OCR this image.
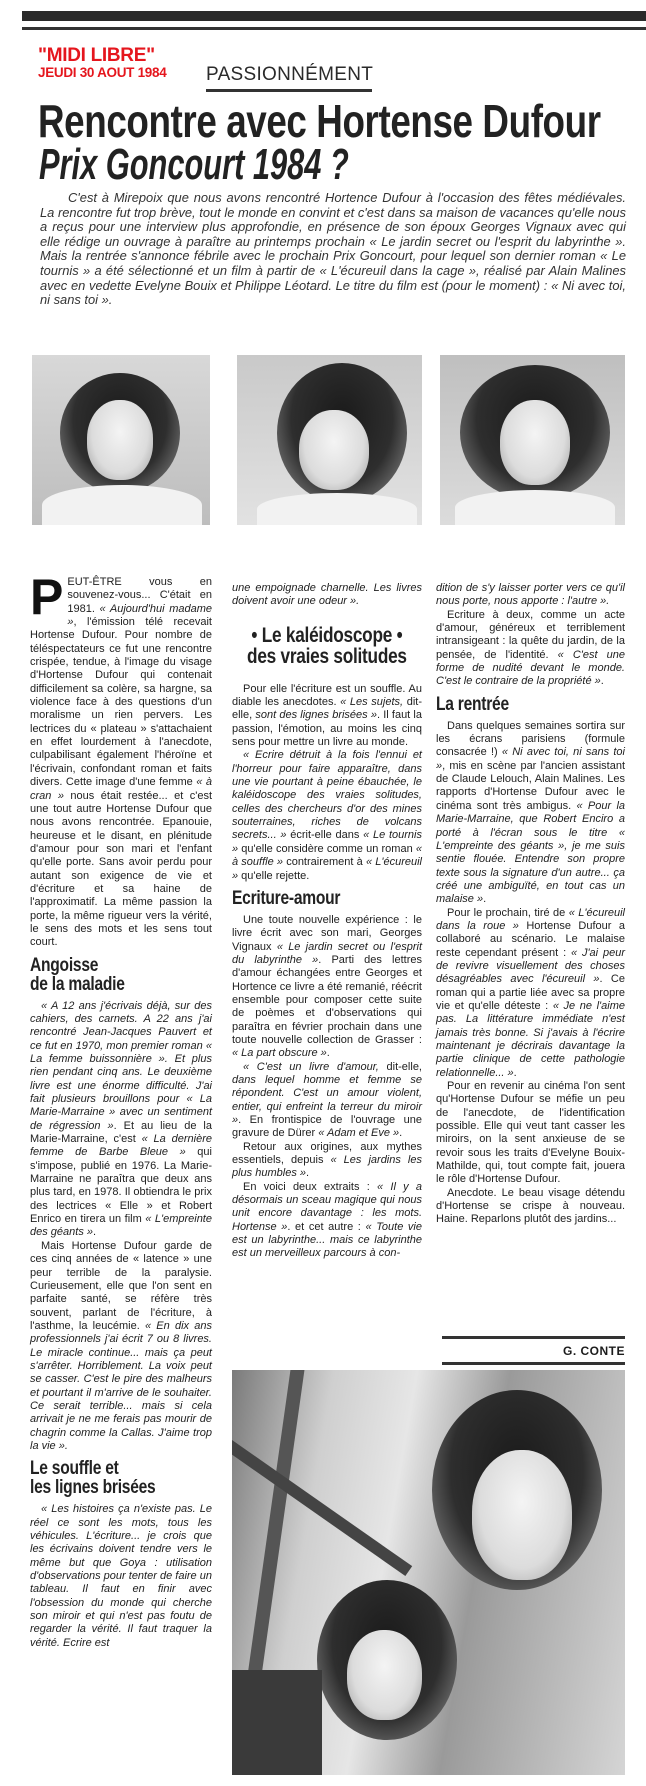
"MIDI LIBRE"
JEUDI 30 AOUT 1984 PASSIONNÉMENT
Rencontre avec Hortense Dufour
Prix Goncourt 1984 ?
C'est à Mirepoix que nous avons rencontré Hortence Dufour à l'occasion des fêtes médiévales. La rencontre fut trop brève, tout le monde en convint et c'est dans sa maison de vacances qu'elle nous a reçus pour une interview plus approfondie, en présence de son époux Georges Vignaux avec qui elle rédige un ouvrage à paraître au printemps prochain « Le jardin secret ou l'esprit du labyrinthe ». Mais la rentrée s'annonce fébrile avec le prochain Prix Goncourt, pour lequel son dernier roman « Le tournis » a été sélectionné et un film à partir de « L'écureuil dans la cage », réalisé par Alain Malines avec en vedette Evelyne Bouix et Philippe Léotard. Le titre du film est (pour le moment) : « Ni avec toi, ni sans toi ».

PEUT-ÊTRE vous en souvenez-vous... C'était en 1981. « Aujourd'hui madame », l'émission télé recevait Hortense Dufour. Pour nombre de téléspectateurs ce fut une rencontre crispée, tendue, à l'image du visage d'Hortense Dufour qui contenait difficilement sa colère, sa hargne, sa violence face à des questions d'un moralisme un rien pervers. Les lectrices du « plateau » s'attachaient en effet lourdement à l'anecdote, culpabilisant également l'héroïne et l'écrivain, confondant roman et faits divers. Cette image d'une femme « à cran » nous était restée... et c'est une tout autre Hortense Dufour que nous avons rencontrée. Epanouie, heureuse et le disant, en plénitude d'amour pour son mari et l'enfant qu'elle porte. Sans avoir perdu pour autant son exigence de vie et d'écriture et sa haine de l'approximatif. La même passion la porte, la même rigueur vers la vérité, le sens des mots et les sens tout court.

Angoisse
de la maladie

« A 12 ans j'écrivais déjà, sur des cahiers, des carnets. A 22 ans j'ai rencontré Jean-Jacques Pauvert et ce fut en 1970, mon premier roman « La femme buissonnière ». Et plus rien pendant cinq ans. Le deuxième livre est une énorme difficulté. J'ai fait plusieurs brouillons pour « La Marie-Marraine » avec un sentiment de régression ». Et au lieu de la Marie-Marraine, c'est « La dernière femme de Barbe Bleue » qui s'impose, publié en 1976. La Marie-Marraine ne paraîtra que deux ans plus tard, en 1978. Il obtiendra le prix des lectrices « Elle » et Robert Enrico en tirera un film « L'empreinte des géants ».

Mais Hortense Dufour garde de ces cinq années de « latence » une peur terrible de la paralysie. Curieusement, elle que l'on sent en parfaite santé, se réfère très souvent, parlant de l'écriture, à l'asthme, la leucémie. « En dix ans professionnels j'ai écrit 7 ou 8 livres. Le miracle continue... mais ça peut s'arrêter. Horriblement. La voix peut se casser. C'est le pire des malheurs et pourtant il m'arrive de le souhaiter. Ce serait terrible... mais si cela arrivait je ne me ferais pas mourir de chagrin comme la Callas. J'aime trop la vie ».

Le souffle et
les lignes brisées

« Les histoires ça n'existe pas. Le réel ce sont les mots, tous les véhicules. L'écriture... je crois que les écrivains doivent tendre vers le même but que Goya : utilisation d'observations pour tenter de faire un tableau. Il faut en finir avec l'obsession du monde qui cherche son miroir et qui n'est pas foutu de regarder la vérité. Il faut traquer la vérité. Ecrire est

une empoignade charnelle. Les livres doivent avoir une odeur ».

• Le kaléidoscope •
des vraies solitudes

Pour elle l'écriture est un souffle. Au diable les anecdotes. « Les sujets, dit-elle, sont des lignes brisées ». Il faut la passion, l'émotion, au moins les cinq sens pour mettre un livre au monde.

« Ecrire détruit à la fois l'ennui et l'horreur pour faire apparaître, dans une vie pourtant à peine ébauchée, le kaléidoscope des vraies solitudes, celles des chercheurs d'or des mines souterraines, riches de volcans secrets... » écrit-elle dans « Le tournis » qu'elle considère comme un roman « à souffle » contrairement à « L'écureuil » qu'elle rejette.

Ecriture-amour

Une toute nouvelle expérience : le livre écrit avec son mari, Georges Vignaux « Le jardin secret ou l'esprit du labyrinthe ». Parti des lettres d'amour échangées entre Georges et Hortence ce livre a été remanié, réécrit ensemble pour composer cette suite de poèmes et d'observations qui paraîtra en février prochain dans une toute nouvelle collection de Grasser : « La part obscure ».

« C'est un livre d'amour, dit-elle, dans lequel homme et femme se répondent. C'est un amour violent, entier, qui enfreint la terreur du miroir ». En frontispice de l'ouvrage une gravure de Dürer « Adam et Eve ».

Retour aux origines, aux mythes essentiels, depuis « Les jardins les plus humbles ».

En voici deux extraits : « Il y a désormais un sceau magique qui nous unit encore davantage : les mots. Hortense ». et cet autre : « Toute vie est un labyrinthe... mais ce labyrinthe est un merveilleux parcours à con-

dition de s'y laisser porter vers ce qu'il nous porte, nous apporte : l'autre ».

Ecriture à deux, comme un acte d'amour, généreux et terriblement intransigeant : la quête du jardin, de la pensée, de l'identité. « C'est une forme de nudité devant le monde. C'est le contraire de la propriété ».

La rentrée

Dans quelques semaines sortira sur les écrans parisiens (formule consacrée !) « Ni avec toi, ni sans toi », mis en scène par l'ancien assistant de Claude Lelouch, Alain Malines. Les rapports d'Hortense Dufour avec le cinéma sont très ambigus. « Pour la Marie-Marraine, que Robert Enciro a porté à l'écran sous le titre « L'empreinte des géants », je me suis sentie flouée. Entendre son propre texte sous la signature d'un autre... ça créé une ambiguïté, en tout cas un malaise ».

Pour le prochain, tiré de « L'écureuil dans la roue » Hortense Dufour a collaboré au scénario. Le malaise reste cependant présent : « J'ai peur de revivre visuellement des choses désagréables avec l'écureuil ». Ce roman qui a partie liée avec sa propre vie et qu'elle déteste : « Je ne l'aime pas. La littérature immédiate n'est jamais très bonne. Si j'avais à l'écrire maintenant je décrirais davantage la partie clinique de cette pathologie relationnelle... ».

Pour en revenir au cinéma l'on sent qu'Hortense Dufour se méfie un peu de l'anecdote, de l'identification possible. Elle qui veut tant casser les miroirs, on la sent anxieuse de se revoir sous les traits d'Evelyne Bouix-Mathilde, qui, tout compte fait, jouera le rôle d'Hortense Dufour.

Anecdote. Le beau visage détendu d'Hortense se crispe à nouveau. Haine. Reparlons plutôt des jardins...

G. CONTE
